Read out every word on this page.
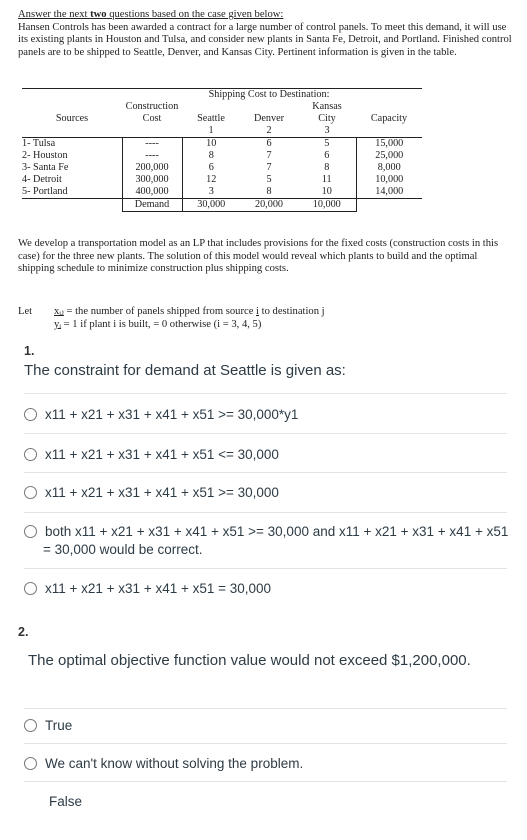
Answer the next two questions based on the case given below:
Hansen Controls has been awarded a contract for a large number of control panels. To meet this demand, it will use its existing plants in Houston and Tulsa, and consider new plants in Santa Fe, Detroit, and Portland. Finished control panels are to be shipped to Seattle, Denver, and Kansas City. Pertinent information is given in the table.
		Shipping Cost to Destination:			
	Construction			Kansas	
Sources	Cost	Seattle	Denver	City	Capacity
		1	2	3	
1- Tulsa	----	10	6	5	15,000
2- Houston	----	8	7	6	25,000
3- Santa Fe	200,000	6	7	8	8,000
4- Detroit	300,000	12	5	11	10,000
5- Portland	400,000	3	8	10	14,000
	Demand	30,000	20,000	10,000	
We develop a transportation model as an LP that includes provisions for the fixed costs (construction costs in this case) for the three new plants. The solution of this model would reveal which plants to build and the optimal shipping schedule to minimize construction plus shipping costs.
Let xᵢⱼ = the number of panels shipped from source i to destination j
yᵢ = 1 if plant i is built, = 0 otherwise (i = 3, 4, 5)
1.
The constraint for demand at Seattle is given as:
x11 + x21 + x31 + x41 + x51 >= 30,000*y1
x11 + x21 + x31 + x41 + x51 <= 30,000
x11 + x21 + x31 + x41 + x51 >= 30,000
both x11 + x21 + x31 + x41 + x51 >= 30,000 and x11 + x21 + x31 + x41 + x51 = 30,000 would be correct.
x11 + x21 + x31 + x41 + x51 = 30,000
2.
The optimal objective function value would not exceed $1,200,000.
True
We can't know without solving the problem.
False
